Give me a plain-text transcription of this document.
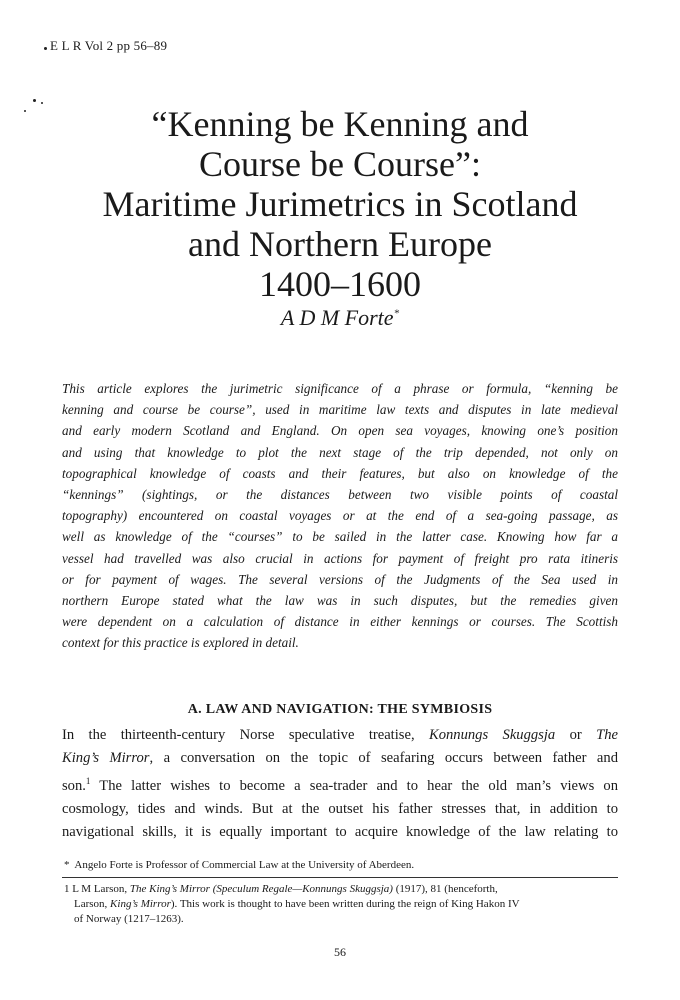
E L R Vol 2 pp 56–89
“Kenning be Kenning and
Course be Course”:
Maritime Jurimetrics in Scotland
and Northern Europe
1400–1600
A D M Forte*
This article explores the jurimetric significance of a phrase or formula, “kenning be
kenning and course be course”, used in maritime law texts and disputes in late medieval
and early modern Scotland and England. On open sea voyages, knowing one’s position
and using that knowledge to plot the next stage of the trip depended, not only on
topographical knowledge of coasts and their features, but also on knowledge of the
“kennings” (sightings, or the distances between two visible points of coastal
topography) encountered on coastal voyages or at the end of a sea-going passage, as
well as knowledge of the “courses” to be sailed in the latter case. Knowing how far a
vessel had travelled was also crucial in actions for payment of freight pro rata itineris
or for payment of wages. The several versions of the Judgments of the Sea used in
northern Europe stated what the law was in such disputes, but the remedies given
were dependent on a calculation of distance in either kennings or courses. The Scottish
context for this practice is explored in detail.
A. LAW AND NAVIGATION: THE SYMBIOSIS
In the thirteenth-century Norse speculative treatise, Konnungs Skuggsja or The
King’s Mirror, a conversation on the topic of seafaring occurs between father and
son.$^1$ The latter wishes to become a sea-trader and to hear the old man’s views on
cosmology, tides and winds. But at the outset his father stresses that, in addition to
navigational skills, it is equally important to acquire knowledge of the law relating to
* Angelo Forte is Professor of Commercial Law at the University of Aberdeen.
1 L M Larson, The King’s Mirror (Speculum Regale—Konnungs Skuggsja) (1917), 81 (henceforth,
Larson, King’s Mirror). This work is thought to have been written during the reign of King Hakon IV
of Norway (1217–1263).
56
